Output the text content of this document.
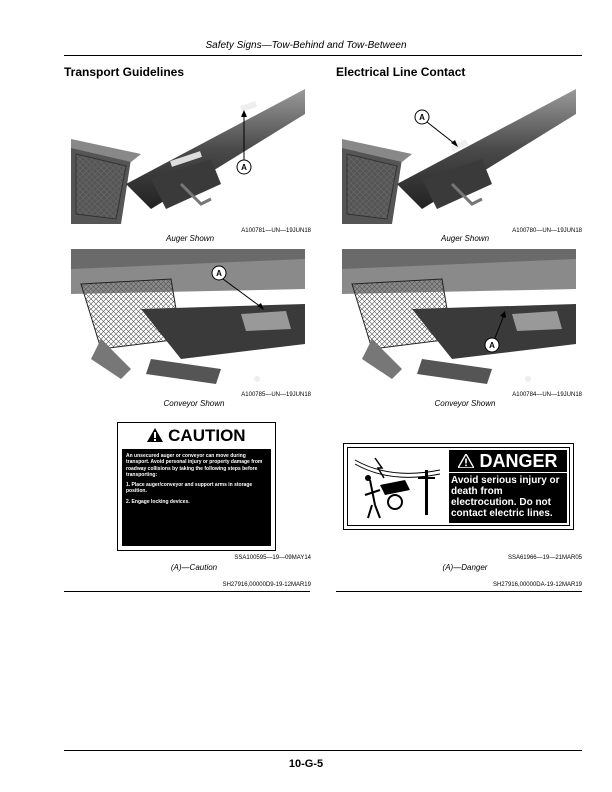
Safety Signs—Tow-Behind and Tow-Between
Transport Guidelines
A
A100781—UN—19JUN18
Auger Shown
A
A100785—UN—19JUN18
Conveyor Shown
CAUTION

An unsecured auger or conveyor can move during transport. Avoid personal injury or property damage from roadway collisions by taking the following steps before transporting:

1. Place auger/conveyor and support arms in storage position.

2. Engage locking devices.

SSA100595—19—09MAY14
(A)—Caution
SH27916,00000D9-19-12MAR19
Electrical Line Contact
A
A100780—UN—19JUN18
Auger Shown
A
A100784—UN—19JUN18
Conveyor Shown
DANGER
Avoid serious injury or death from electrocution. Do not contact electric lines.
SSA61966—19—21MAR05
(A)—Danger
SH27916,00000DA-19-12MAR19
10-G-5
